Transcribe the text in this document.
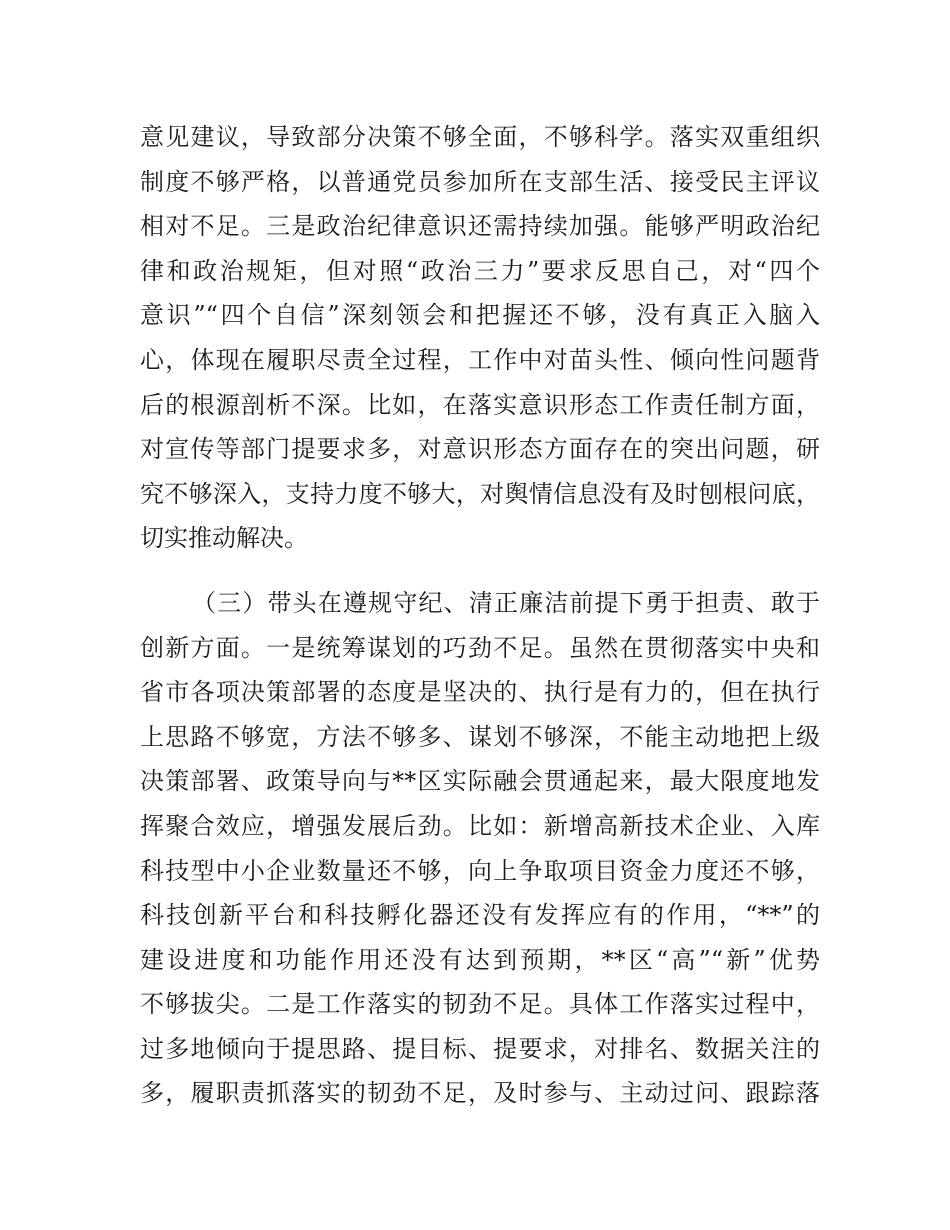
意见建议，导致部分决策不够全面，不够科学。落实双重组织
制度不够严格，以普通党员参加所在支部生活、接受民主评议
相对不足。三是政治纪律意识还需持续加强。能够严明政治纪
律和政治规矩，但对照“政治三力”要求反思自己，对“四个
意识”“四个自信”深刻领会和把握还不够，没有真正入脑入
心，体现在履职尽责全过程，工作中对苗头性、倾向性问题背
后的根源剖析不深。比如，在落实意识形态工作责任制方面，
对宣传等部门提要求多，对意识形态方面存在的突出问题，研
究不够深入，支持力度不够大，对舆情信息没有及时刨根问底，
切实推动解决。
（三）带头在遵规守纪、清正廉洁前提下勇于担责、敢于
创新方面。一是统筹谋划的巧劲不足。虽然在贯彻落实中央和
省市各项决策部署的态度是坚决的、执行是有力的，但在执行
上思路不够宽，方法不够多、谋划不够深，不能主动地把上级
决策部署、政策导向与**区实际融会贯通起来，最大限度地发
挥聚合效应，增强发展后劲。比如：新增高新技术企业、入库
科技型中小企业数量还不够，向上争取项目资金力度还不够，
科技创新平台和科技孵化器还没有发挥应有的作用，“**”的
建设进度和功能作用还没有达到预期，**区“高”“新”优势
不够拔尖。二是工作落实的韧劲不足。具体工作落实过程中，
过多地倾向于提思路、提目标、提要求，对排名、数据关注的
多，履职责抓落实的韧劲不足，及时参与、主动过问、跟踪落
